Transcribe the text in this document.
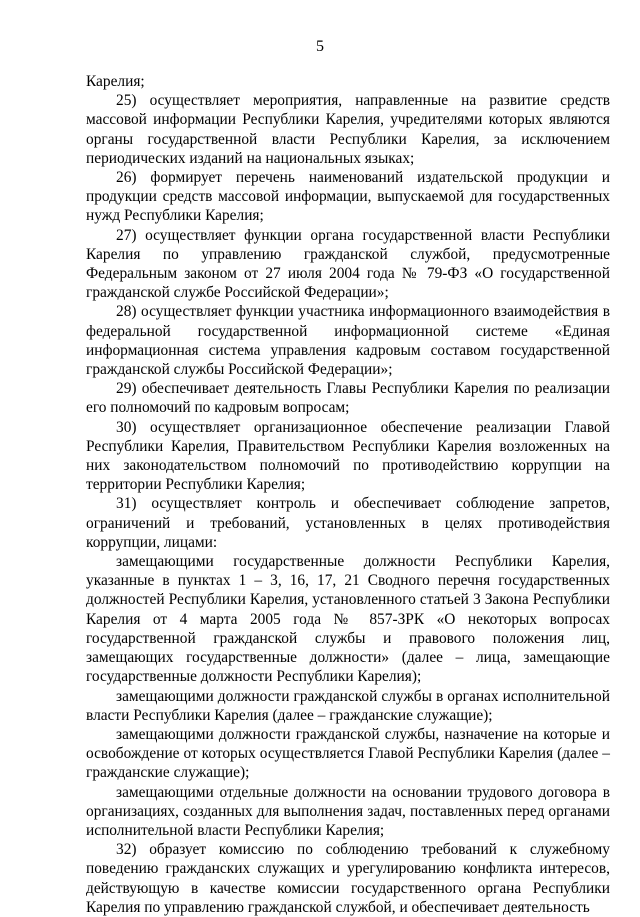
5

Карелия;

25) осуществляет мероприятия, направленные на развитие средств массовой информации Республики Карелия, учредителями которых являются органы государственной власти Республики Карелия, за исключением периодических изданий на национальных языках;

26) формирует перечень наименований издательской продукции и продукции средств массовой информации, выпускаемой для государственных нужд Республики Карелия;

27) осуществляет функции органа государственной власти Республики Карелия по управлению гражданской службой, предусмотренные Федеральным законом от 27 июля 2004 года № 79-ФЗ «О государственной гражданской службе Российской Федерации»;

28) осуществляет функции участника информационного взаимодействия в федеральной государственной информационной системе «Единая информационная система управления кадровым составом государственной гражданской службы Российской Федерации»;

29) обеспечивает деятельность Главы Республики Карелия по реализации его полномочий по кадровым вопросам;

30) осуществляет организационное обеспечение реализации Главой Республики Карелия, Правительством Республики Карелия возложенных на них законодательством полномочий по противодействию коррупции на территории Республики Карелия;

31) осуществляет контроль и обеспечивает соблюдение запретов, ограничений и требований, установленных в целях противодействия коррупции, лицами:

замещающими государственные должности Республики Карелия, указанные в пунктах 1 – 3, 16, 17, 21 Сводного перечня государственных должностей Республики Карелия, установленного статьей 3 Закона Республики Карелия от 4 марта 2005 года № 857-ЗРК «О некоторых вопросах государственной гражданской службы и правового положения лиц, замещающих государственные должности» (далее – лица, замещающие государственные должности Республики Карелия);

замещающими должности гражданской службы в органах исполнительной власти Республики Карелия (далее – гражданские служащие);

замещающими должности гражданской службы, назначение на которые и освобождение от которых осуществляется Главой Республики Карелия (далее – гражданские служащие);

замещающими отдельные должности на основании трудового договора в организациях, созданных для выполнения задач, поставленных перед органами исполнительной власти Республики Карелия;

32) образует комиссию по соблюдению требований к служебному поведению гражданских служащих и урегулированию конфликта интересов, действующую в качестве комиссии государственного органа Республики Карелия по управлению гражданской службой, и обеспечивает деятельность
